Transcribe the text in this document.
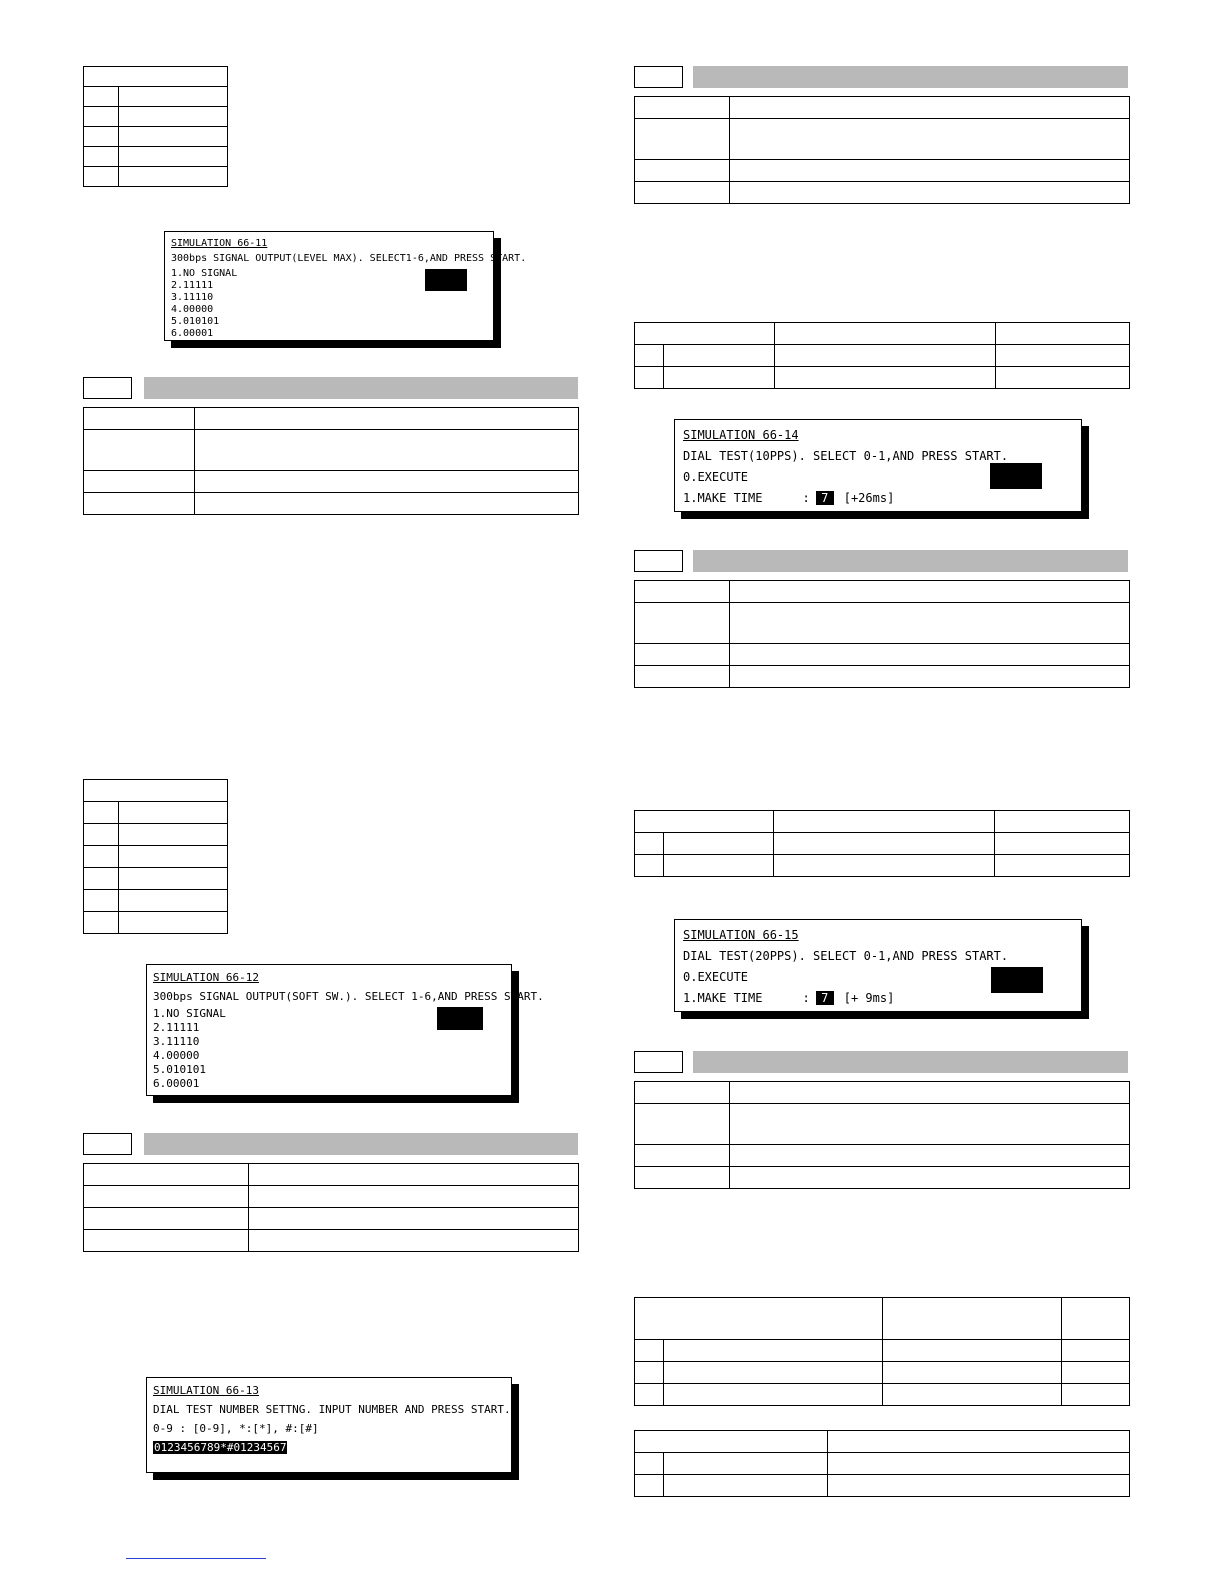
SIMULATION 66-11
300bps SIGNAL OUTPUT(LEVEL MAX). SELECT1-6,AND PRESS START.
1.NO SIGNAL
2.11111
3.11110
4.00000
5.010101
6.00001

SIMULATION 66-12
300bps SIGNAL OUTPUT(SOFT SW.). SELECT 1-6,AND PRESS START.
1.NO SIGNAL
2.11111
3.11110
4.00000
5.010101
6.00001

SIMULATION 66-13
DIAL TEST NUMBER SETTNG. INPUT NUMBER AND PRESS START.
0-9 : [0-9], *:[*], #:[#]
0123456789*#01234567

SIMULATION 66-14
DIAL TEST(10PPS). SELECT 0-1,AND PRESS START.
0.EXECUTE
1.MAKE TIME	: 7 [+26ms]

SIMULATION 66-15
DIAL TEST(20PPS). SELECT 0-1,AND PRESS START.
0.EXECUTE
1.MAKE TIME	: 7 [+ 9ms]
